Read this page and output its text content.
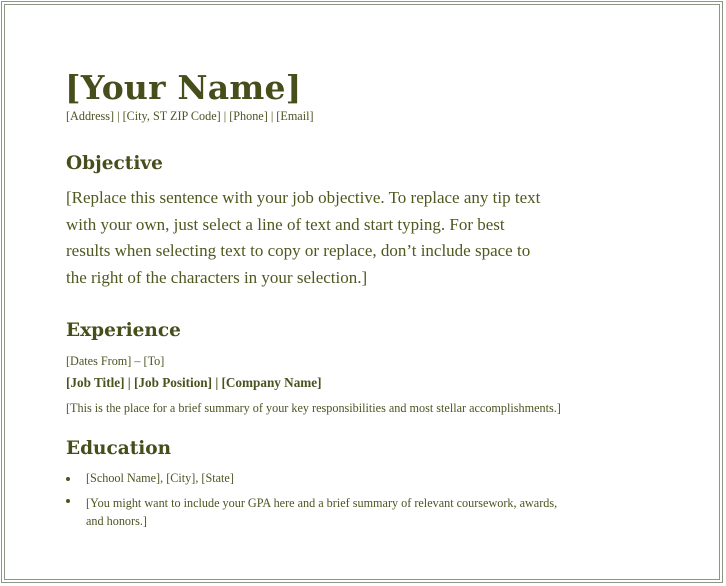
[Your Name]
[Address] | [City, ST ZIP Code] | [Phone] | [Email]
Objective
[Replace this sentence with your job objective. To replace any tip text
with your own, just select a line of text and start typing. For best
results when selecting text to copy or replace, don’t include space to
the right of the characters in your selection.]
Experience
[Dates From] – [To]
[Job Title] | [Job Position] | [Company Name]
[This is the place for a brief summary of your key responsibilities and most stellar accomplishments.]
Education
[School Name], [City], [State]
[You might want to include your GPA here and a brief summary of relevant coursework, awards,
and honors.]
